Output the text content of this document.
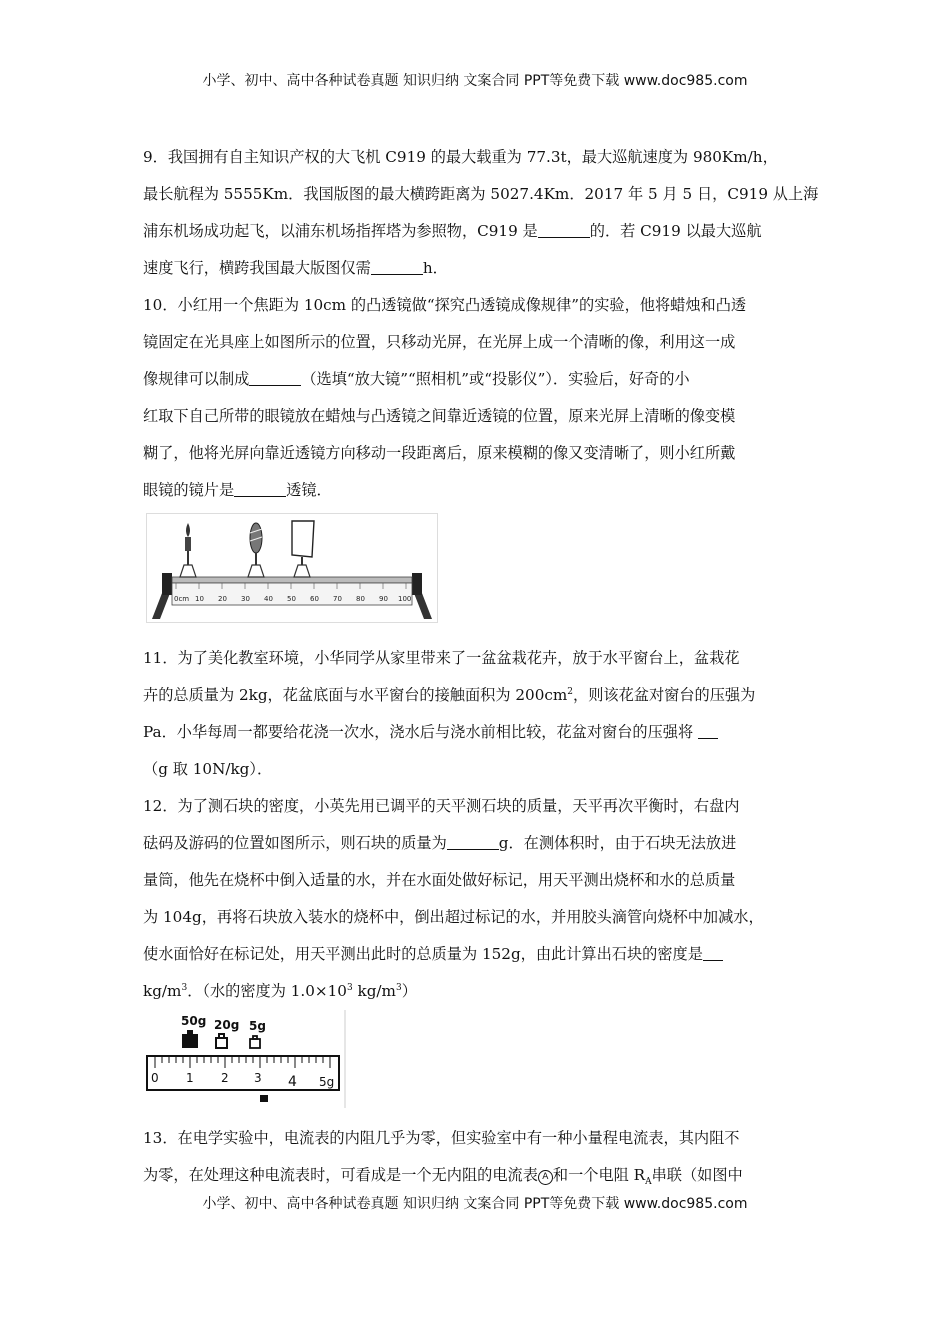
小学、初中、高中各种试卷真题 知识归纳 文案合同 PPT等免费下载 www.doc985.com

9．我国拥有自主知识产权的大飞机 C919 的最大载重为 77.3t，最大巡航速度为 980Km/h，

最长航程为 5555Km．我国版图的最大横跨距离为 5027.4Km．2017 年 5 月 5 日，C919 从上海

浦东机场成功起飞，以浦东机场指挥塔为参照物，C919 是	的．若 C919 以最大巡航

速度飞行，横跨我国最大版图仅需	h．

10．小红用一个焦距为 10cm 的凸透镜做“探究凸透镜成像规律”的实验，他将蜡烛和凸透

镜固定在光具座上如图所示的位置，只移动光屏，在光屏上成一个清晰的像，利用这一成

像规律可以制成	（选填“放大镜”“照相机”或“投影仪”）．实验后，好奇的小

红取下自己所带的眼镜放在蜡烛与凸透镜之间靠近透镜的位置，原来光屏上清晰的像变模

糊了，他将光屏向靠近透镜方向移动一段距离后，原来模糊的像又变清晰了，则小红所戴

眼镜的镜片是	透镜．

0cm 10 20 30 40 50 60 70 80 90 100

11．为了美化教室环境，小华同学从家里带来了一盆盆栽花卉，放于水平窗台上，盆栽花

卉的总质量为 2kg，花盆底面与水平窗台的接触面积为 $200cm^2$，则该花盆对窗台的压强为

Pa．小华每周一都要给花浇一次水，浇水后与浇水前相比较，花盆对窗台的压强将

（g 取 10N/kg）．

12．为了测石块的密度，小英先用已调平的天平测石块的质量，天平再次平衡时，右盘内

砝码及游码的位置如图所示，则石块的质量为	g．在测体积时，由于石块无法放进

量筒，他先在烧杯中倒入适量的水，并在水面处做好标记，用天平测出烧杯和水的总质量

为 104g，再将石块放入装水的烧杯中，倒出超过标记的水，并用胶头滴管向烧杯中加减水，

使水面恰好在标记处，用天平测出此时的总质量为 152g，由此计算出石块的密度是

$kg/m^3$．（水的密度为 $1.0\times 10^3$ $kg/m^3$）

50g 20g 5g
0 1 2 3 4 5g

13．在电学实验中，电流表的内阻几乎为零，但实验室中有一种小量程电流表，其内阻不

为零，在处理这种电流表时，可看成是一个无内阻的电流表 A 和一个电阻 $R_A$串联（如图中

小学、初中、高中各种试卷真题 知识归纳 文案合同 PPT等免费下载 www.doc985.com
